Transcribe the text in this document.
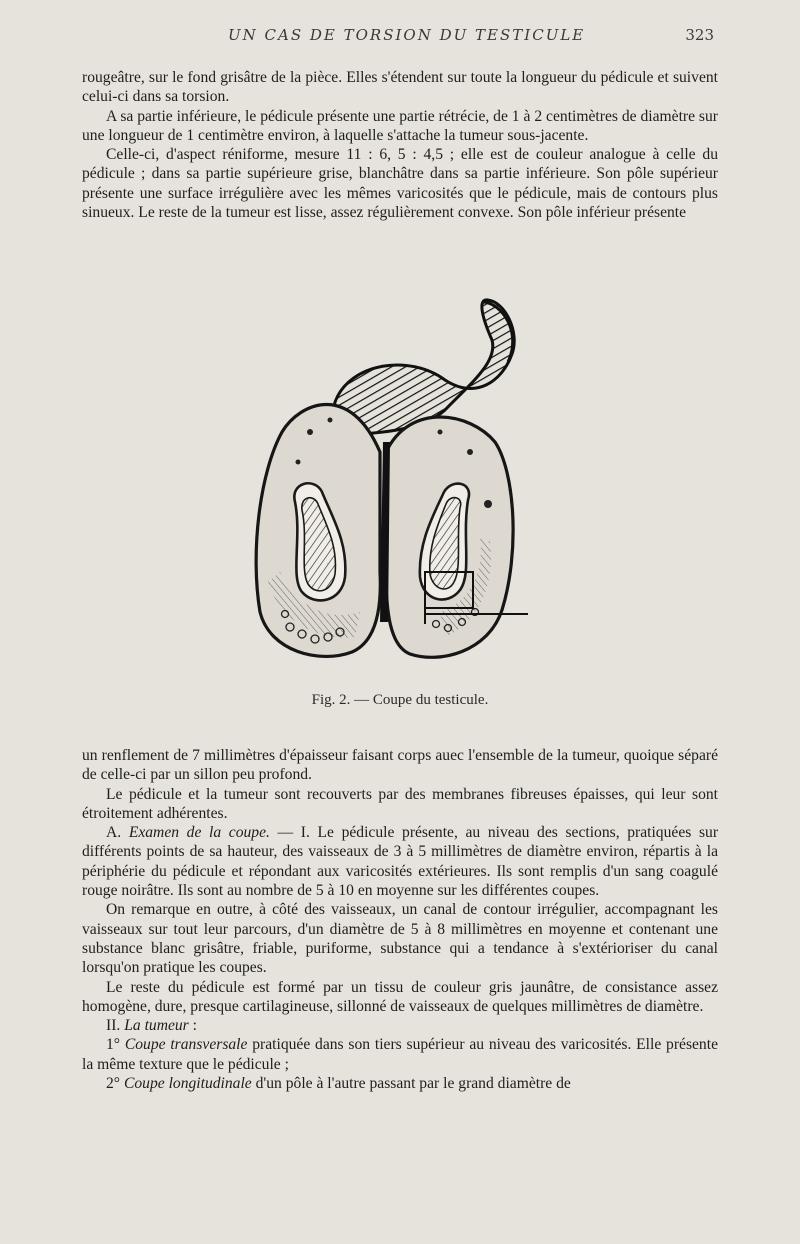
UN CAS DE TORSION DU TESTICULE	323

rougeâtre, sur le fond grisâtre de la pièce. Elles s'étendent sur toute la longueur du pédicule et suivent celui-ci dans sa torsion.

A sa partie inférieure, le pédicule présente une partie rétrécie, de 1 à 2 centimètres de diamètre sur une longueur de 1 centimètre environ, à laquelle s'attache la tumeur sous-jacente.

Celle-ci, d'aspect réniforme, mesure 11 : 6, 5 : 4,5 ; elle est de couleur analogue à celle du pédicule ; dans sa partie supérieure grise, blanchâtre dans sa partie inférieure. Son pôle supérieur présente une surface irrégulière avec les mêmes varicosités que le pédicule, mais de contours plus sinueux. Le reste de la tumeur est lisse, assez régulièrement convexe. Son pôle inférieur présente

Fig. 2. — Coupe du testicule.

un renflement de 7 millimètres d'épaisseur faisant corps auec l'ensemble de la tumeur, quoique séparé de celle-ci par un sillon peu profond.

Le pédicule et la tumeur sont recouverts par des membranes fibreuses épaisses, qui leur sont étroitement adhérentes.

A. Examen de la coupe. — I. Le pédicule présente, au niveau des sections, pratiquées sur différents points de sa hauteur, des vaisseaux de 3 à 5 millimètres de diamètre environ, répartis à la périphérie du pédicule et répondant aux varicosités extérieures. Ils sont remplis d'un sang coagulé rouge noirâtre. Ils sont au nombre de 5 à 10 en moyenne sur les différentes coupes.

On remarque en outre, à côté des vaisseaux, un canal de contour irrégulier, accompagnant les vaisseaux sur tout leur parcours, d'un diamètre de 5 à 8 millimètres en moyenne et contenant une substance blanc grisâtre, friable, puriforme, substance qui a tendance à s'extérioriser du canal lorsqu'on pratique les coupes.

Le reste du pédicule est formé par un tissu de couleur gris jaunâtre, de consistance assez homogène, dure, presque cartilagineuse, sillonné de vaisseaux de quelques millimètres de diamètre.

II. La tumeur :

1° Coupe transversale pratiquée dans son tiers supérieur au niveau des varicosités. Elle présente la même texture que le pédicule ;

2° Coupe longitudinale d'un pôle à l'autre passant par le grand diamètre de
